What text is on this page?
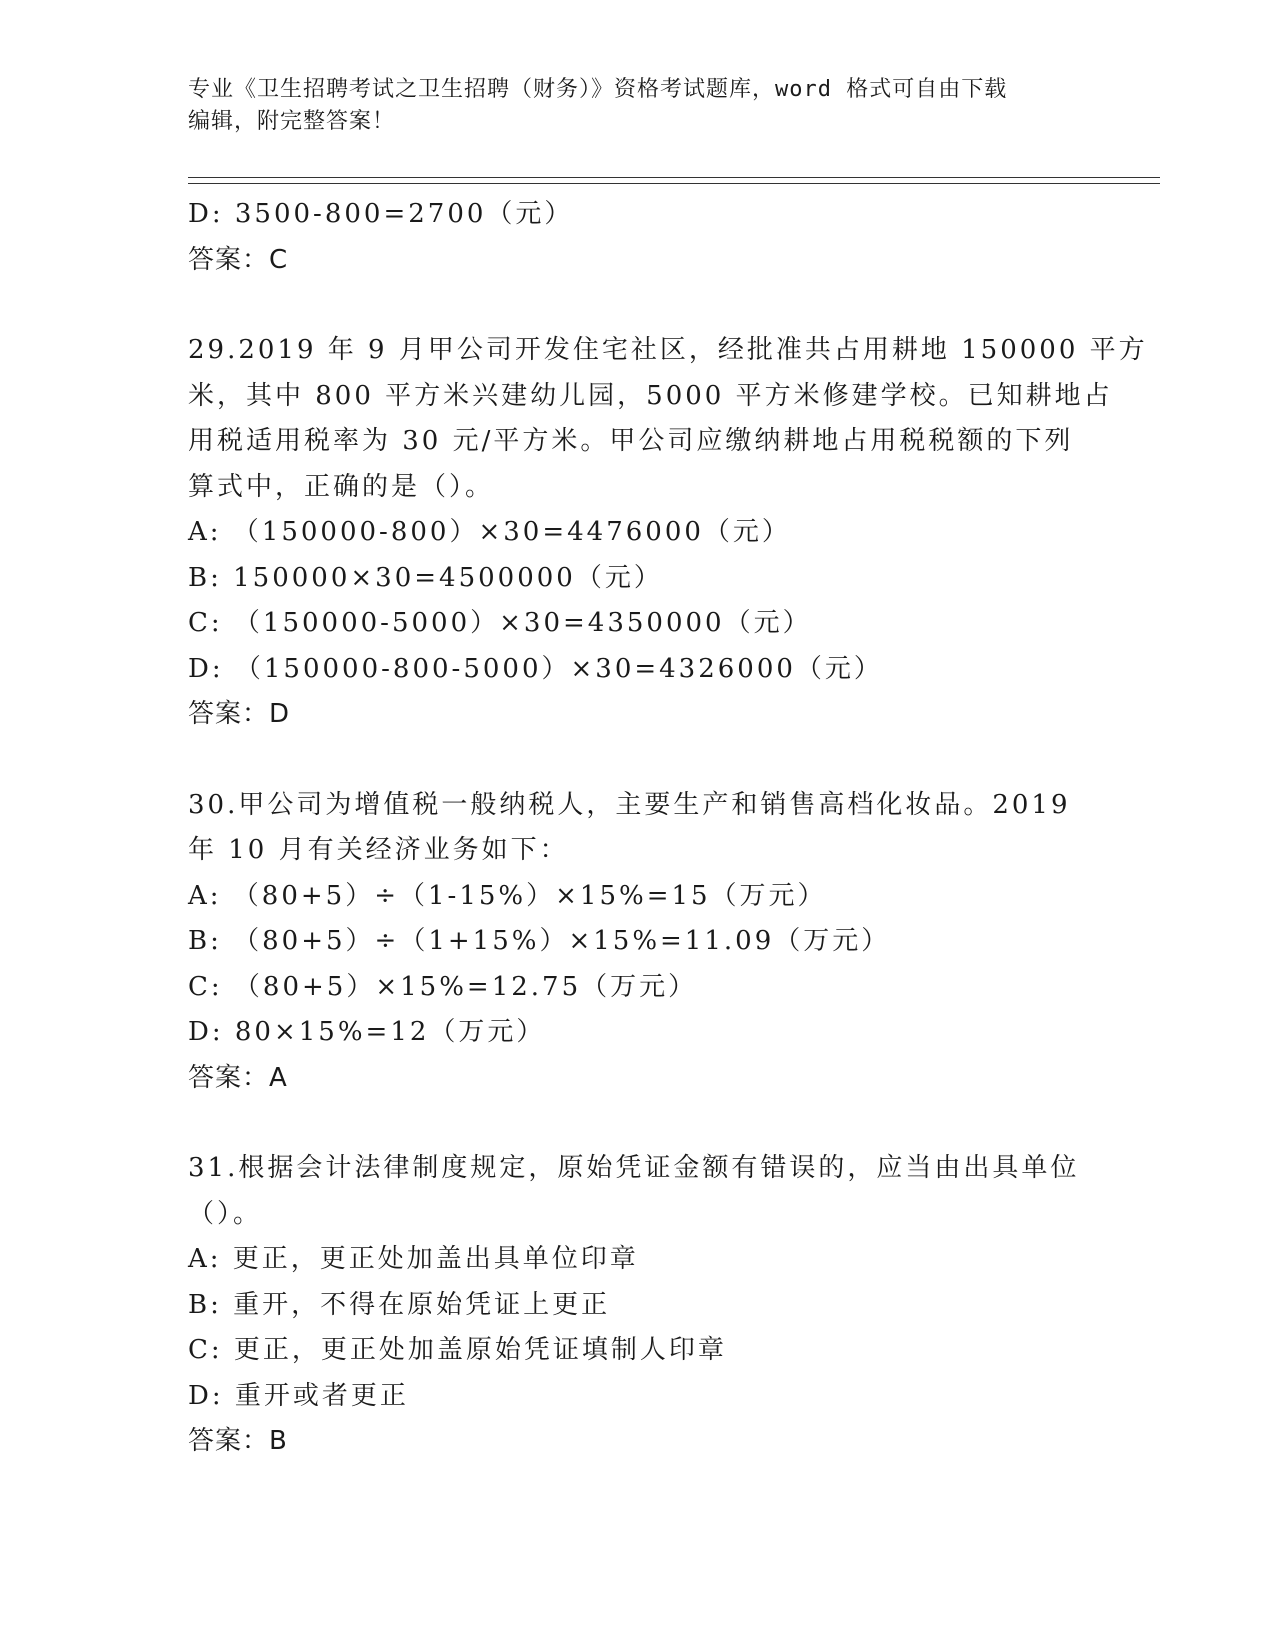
专业《卫生招聘考试之卫生招聘（财务）》资格考试题库，word 格式可自由下载
编辑，附完整答案！
D: 3500-800=2700（元）
答案：C
29.2019 年 9 月甲公司开发住宅社区，经批准共占用耕地 150000 平方
米，其中 800 平方米兴建幼儿园，5000 平方米修建学校。已知耕地占
用税适用税率为 30 元/平方米。甲公司应缴纳耕地占用税税额的下列
算式中，正确的是（）。
A: （150000-800）×30=4476000（元）
B: 150000×30=4500000（元）
C: （150000-5000）×30=4350000（元）
D: （150000-800-5000）×30=4326000（元）
答案：D
30.甲公司为增值税一般纳税人，主要生产和销售高档化妆品。2019
年 10 月有关经济业务如下：
A: （80+5）÷（1-15%）×15%=15（万元）
B: （80+5）÷（1+15%）×15%=11.09（万元）
C: （80+5）×15%=12.75（万元）
D: 80×15%=12（万元）
答案：A
31.根据会计法律制度规定，原始凭证金额有错误的，应当由出具单位
（）。
A: 更正，更正处加盖出具单位印章
B: 重开，不得在原始凭证上更正
C: 更正，更正处加盖原始凭证填制人印章
D: 重开或者更正
答案：B
